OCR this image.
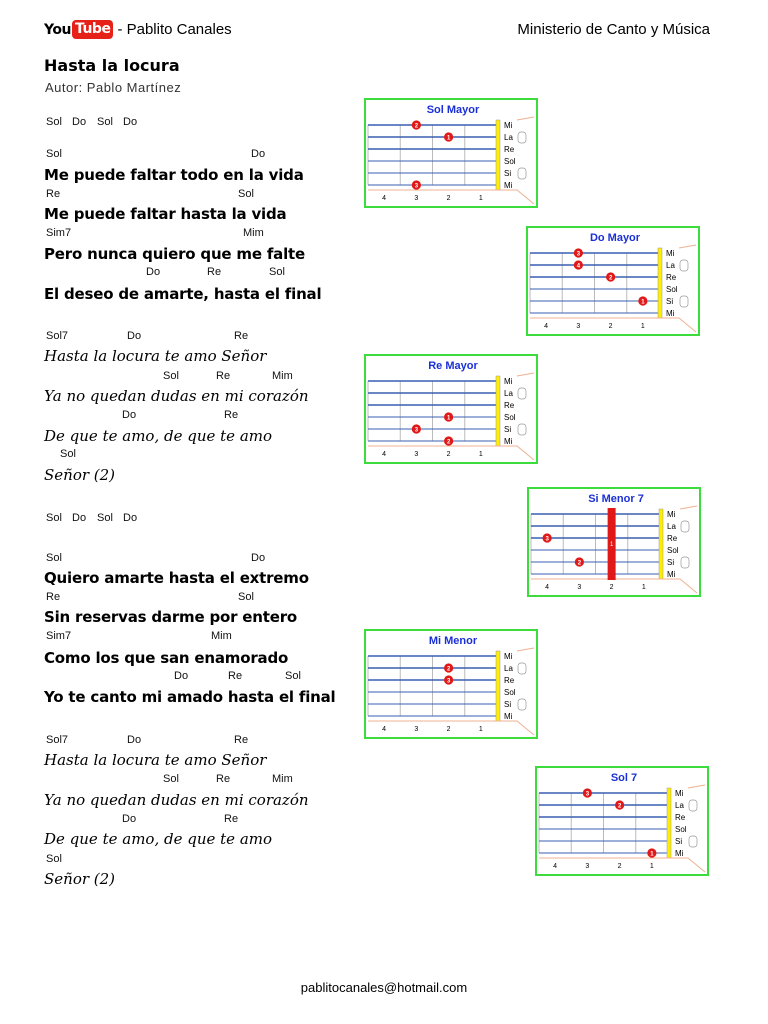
You Tube - Pablito Canales	Ministerio de Canto y Música
Hasta la locura
Autor: Pablo Martínez
Sol Do Sol Do
Sol	Do
Me puede faltar todo en la vida
Re	Sol
Me puede faltar hasta la vida
Sim7	Mim
Pero nunca quiero que me falte
Do	Re	Sol
El deseo de amarte, hasta el final
Sol7	Do	Re
Hasta la locura te amo Señor
Sol	Re	Mim
Ya no quedan dudas en mi corazón
Do	Re
De que te amo, de que te amo
Sol
Señor (2)
Sol Do Sol Do
Sol	Do
Quiero amarte hasta el extremo
Re	Sol
Sin reservas darme por entero
Sim7	Mim
Como los que san enamorado
Do	Re	Sol
Yo te canto mi amado hasta el final
Sol7	Do	Re
Hasta la locura te amo Señor
Sol	Re	Mim
Ya no quedan dudas en mi corazón
Do	Re
De que te amo, de que te amo
Sol
Señor (2)
Sol Mayor
Mi
La
Re
Sol
Si
Mi
4	3	2	1
2
1
3
Do Mayor
Mi
La
Re
Sol
Si
Mi
4	3	2	1
3
4
2
1
Re Mayor
Mi
La
Re
Sol
Si
Mi
4	3	2	1
1
3
2
Si Menor 7
Mi
La
Re
Sol
Si
Mi
4	3	2	1
1
3
2
Mi Menor
Mi
La
Re
Sol
Si
Mi
4	3	2	1
2
3
Sol 7
Mi
La
Re
Sol
Si
Mi
4	3	2	1
3
2
1
pablitocanales@hotmail.com
